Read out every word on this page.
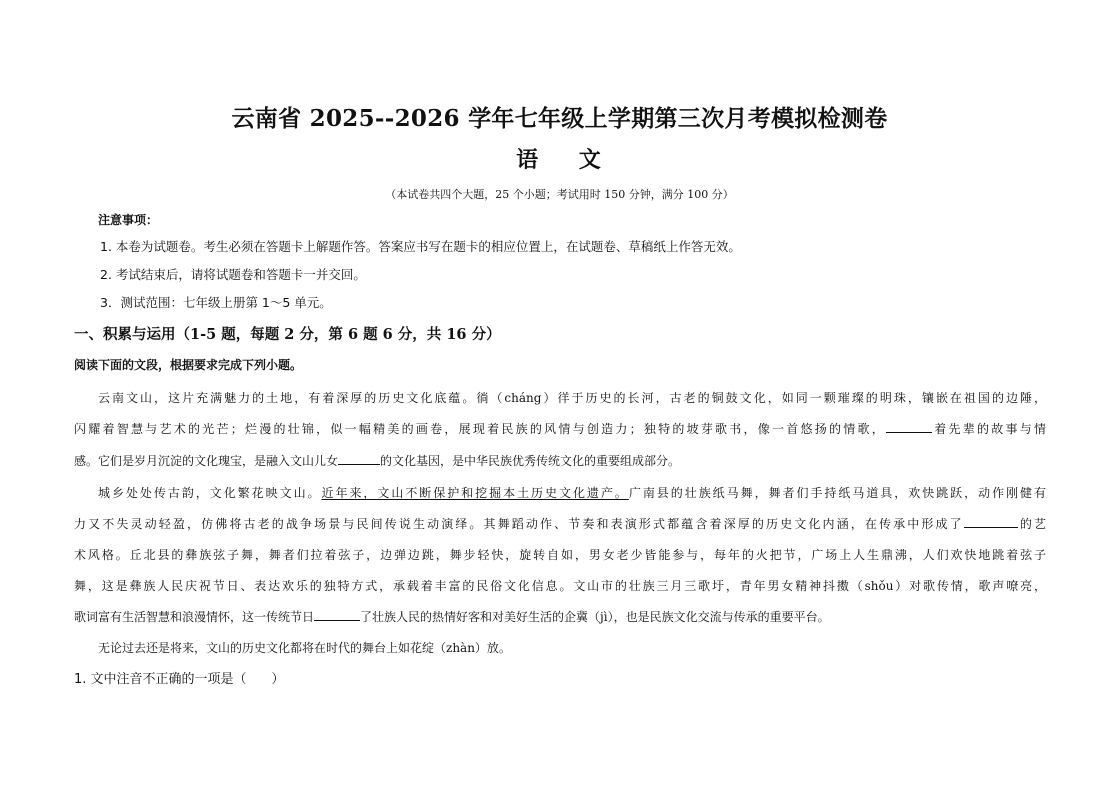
云南省 2025--2026 学年七年级上学期第三次月考模拟检测卷
语    文
（本试卷共四个大题，25 个小题；考试用时 150 分钟，满分 100 分）
注意事项：
1. 本卷为试题卷。考生必须在答题卡上解题作答。答案应书写在题卡的相应位置上，在试题卷、草稿纸上作答无效。
2. 考试结束后，请将试题卷和答题卡一并交回。
3．测试范围：七年级上册第 1～5 单元。
一、积累与运用（1-5 题，每题 2 分，第 6 题 6 分，共 16 分）
阅读下面的文段，根据要求完成下列小题。
云南文山，这片充满魅力的土地，有着深厚的历史文化底蕴。徜（cháng）徉于历史的长河，古老的铜鼓文化，如同一颗璀璨的明珠，镶嵌在祖国的边陲，
闪耀着智慧与艺术的光芒；烂漫的壮锦，似一幅精美的画卷，展现着民族的风情与创造力；独特的坡芽歌书，像一首悠扬的情歌，	着先辈的故事与情
感。它们是岁月沉淀的文化瑰宝，是融入文山儿女	的文化基因，是中华民族优秀传统文化的重要组成部分。
城乡处处传古韵，文化繁花映文山。近年来，文山不断保护和挖掘本土历史文化遗产。广南县的壮族纸马舞，舞者们手持纸马道具，欢快跳跃，动作刚健有
力又不失灵动轻盈，仿佛将古老的战争场景与民间传说生动演绎。其舞蹈动作、节奏和表演形式都蕴含着深厚的历史文化内涵，在传承中形成了	的艺
术风格。丘北县的彝族弦子舞，舞者们拉着弦子，边弹边跳，舞步轻快，旋转自如，男女老少皆能参与，每年的火把节，广场上人生鼎沸，人们欢快地跳着弦子
舞，这是彝族人民庆祝节日、表达欢乐的独特方式，承载着丰富的民俗文化信息。文山市的壮族三月三歌圩，青年男女精神抖擞（shǒu）对歌传情，歌声嘹亮，
歌词富有生活智慧和浪漫情怀，这一传统节日	了壮族人民的热情好客和对美好生活的企冀（jì），也是民族文化交流与传承的重要平台。
无论过去还是将来，文山的历史文化都将在时代的舞台上如花绽（zhàn）放。
1. 文中注音不正确的一项是（      ）
